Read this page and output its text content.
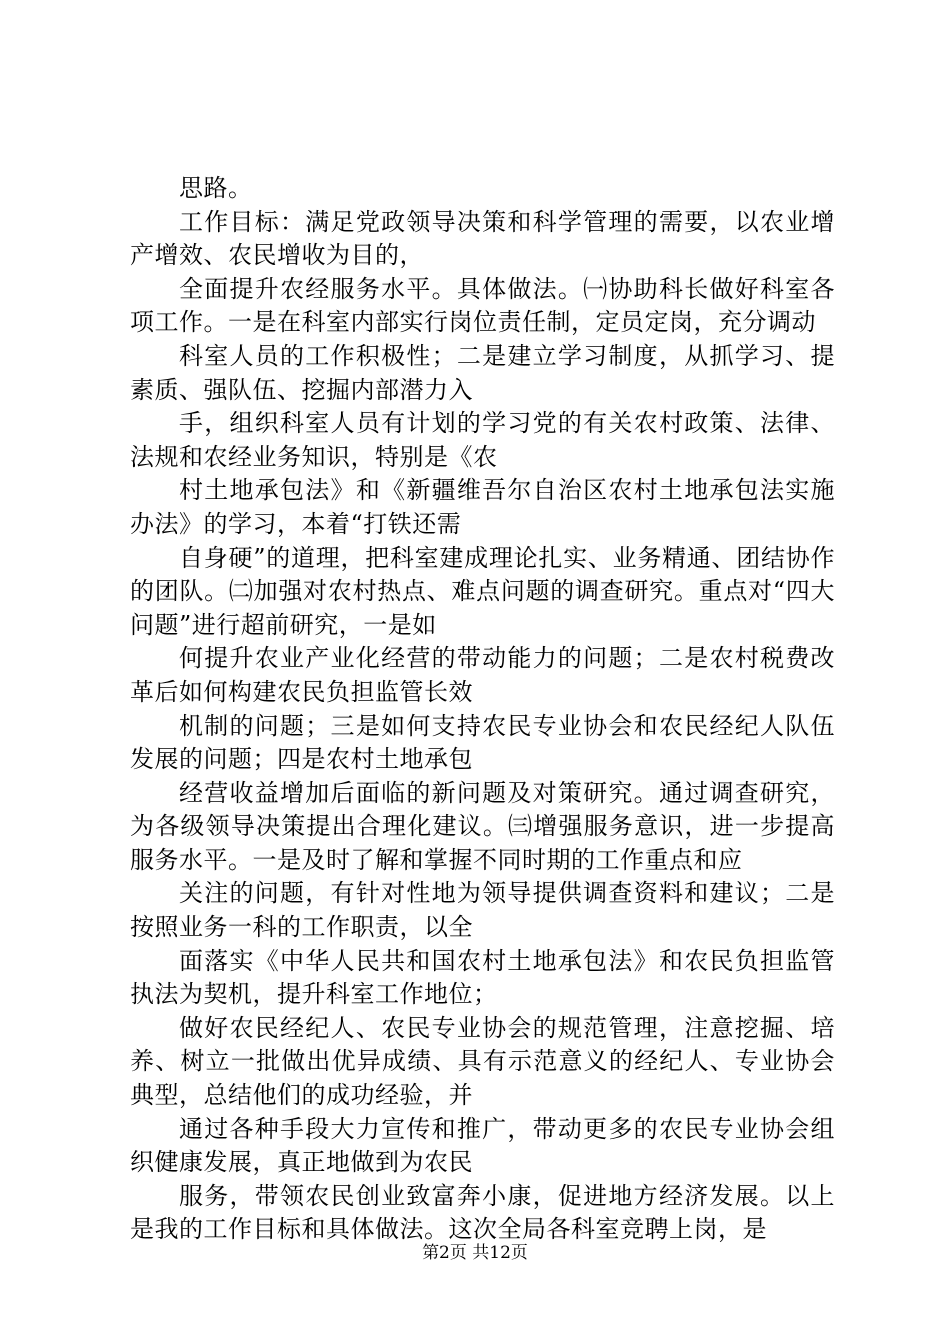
思路。

工作目标：满足党政领导决策和科学管理的需要，以农业增产增效、农民增收为目的，

全面提升农经服务水平。具体做法。㈠协助科长做好科室各项工作。一是在科室内部实行岗位责任制，定员定岗，充分调动

科室人员的工作积极性；二是建立学习制度，从抓学习、提素质、强队伍、挖掘内部潜力入

手，组织科室人员有计划的学习党的有关农村政策、法律、法规和农经业务知识，特别是《农

村土地承包法》和《新疆维吾尔自治区农村土地承包法实施办法》的学习，本着“打铁还需

自身硬”的道理，把科室建成理论扎实、业务精通、团结协作的团队。㈡加强对农村热点、难点问题的调查研究。重点对“四大问题”进行超前研究，一是如

何提升农业产业化经营的带动能力的问题；二是农村税费改革后如何构建农民负担监管长效

机制的问题；三是如何支持农民专业协会和农民经纪人队伍发展的问题；四是农村土地承包

经营收益增加后面临的新问题及对策研究。通过调查研究，为各级领导决策提出合理化建议。㈢增强服务意识，进一步提高服务水平。一是及时了解和掌握不同时期的工作重点和应

关注的问题，有针对性地为领导提供调查资料和建议；二是按照业务一科的工作职责，以全

面落实《中华人民共和国农村土地承包法》和农民负担监管执法为契机，提升科室工作地位；

做好农民经纪人、农民专业协会的规范管理，注意挖掘、培养、树立一批做出优异成绩、具有示范意义的经纪人、专业协会典型，总结他们的成功经验，并

通过各种手段大力宣传和推广，带动更多的农民专业协会组织健康发展，真正地做到为农民

服务，带领农民创业致富奔小康，促进地方经济发展。以上是我的工作目标和具体做法。这次全局各科室竞聘上岗，是

第2页 共12页
